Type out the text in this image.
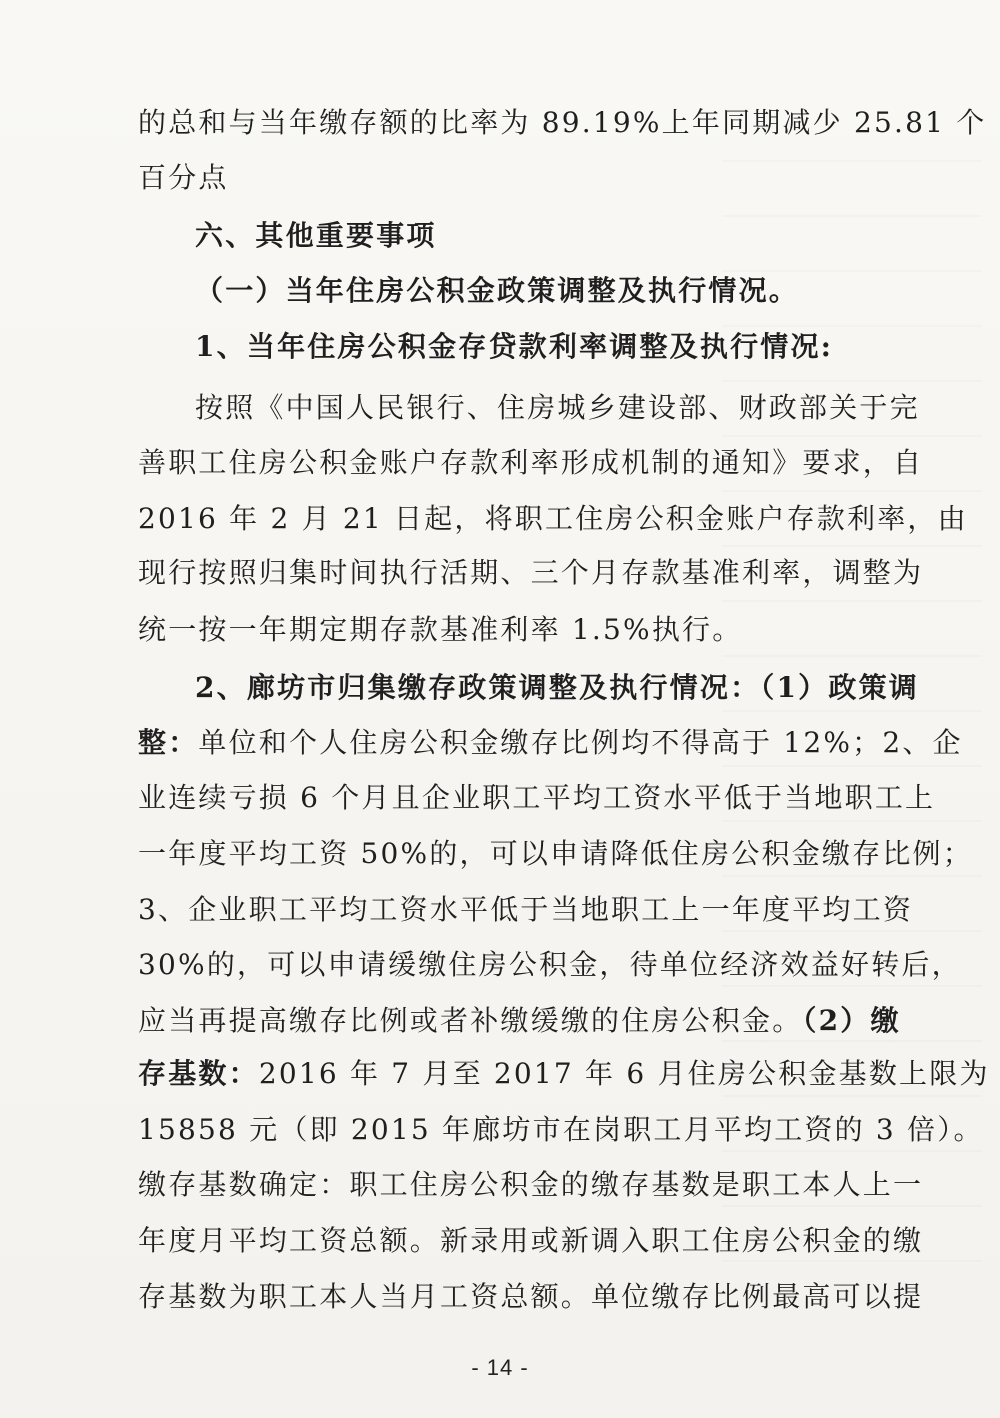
的总和与当年缴存额的比率为 89.19%上年同期减少 25.81 个
百分点
六、其他重要事项
（一）当年住房公积金政策调整及执行情况。
1、当年住房公积金存贷款利率调整及执行情况:
按照《中国人民银行、住房城乡建设部、财政部关于完
善职工住房公积金账户存款利率形成机制的通知》要求，自
2016 年 2 月 21 日起，将职工住房公积金账户存款利率，由
现行按照归集时间执行活期、三个月存款基准利率，调整为
统一按一年期定期存款基准利率 1.5%执行。
2、廊坊市归集缴存政策调整及执行情况：（1）政策调
整：单位和个人住房公积金缴存比例均不得高于 12%；2、企
业连续亏损 6 个月且企业职工平均工资水平低于当地职工上
一年度平均工资 50%的，可以申请降低住房公积金缴存比例；
3、企业职工平均工资水平低于当地职工上一年度平均工资
30%的，可以申请缓缴住房公积金，待单位经济效益好转后，
应当再提高缴存比例或者补缴缓缴的住房公积金。（2）缴
存基数：2016 年 7 月至 2017 年 6 月住房公积金基数上限为
15858 元（即 2015 年廊坊市在岗职工月平均工资的 3 倍）。
缴存基数确定：职工住房公积金的缴存基数是职工本人上一
年度月平均工资总额。新录用或新调入职工住房公积金的缴
存基数为职工本人当月工资总额。单位缴存比例最高可以提
- 14 -
